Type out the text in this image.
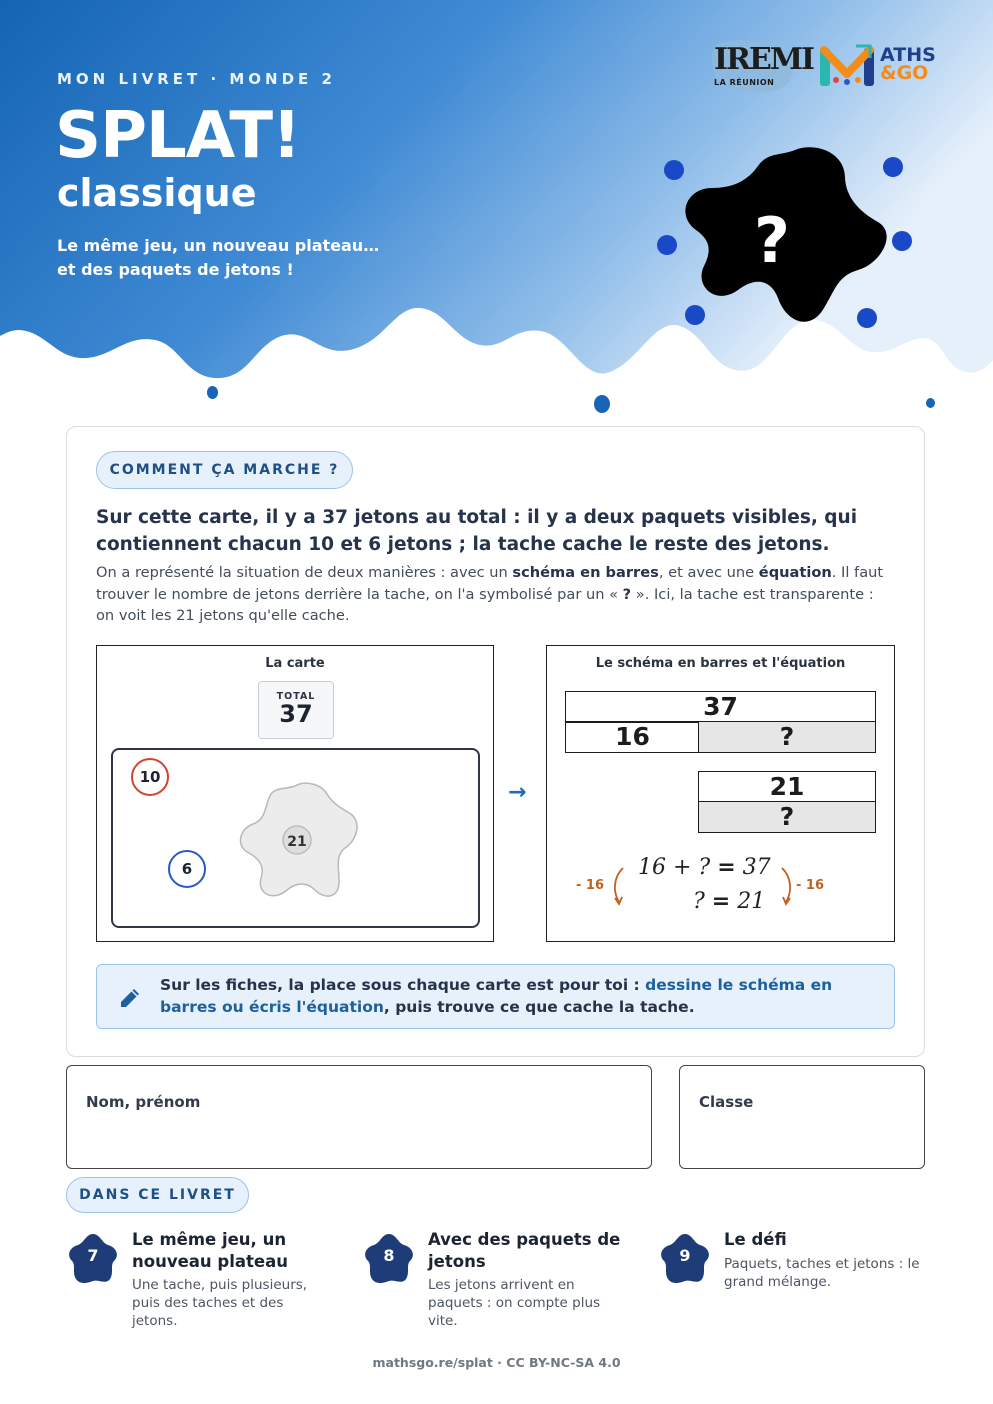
MON LIVRET · MONDE 2
SPLAT!
classique
Le même jeu, un nouveau plateau…
et des paquets de jetons !
IREMI
LA RÉUNION
ATHS
&GO
?
COMMENT ÇA MARCHE ?
Sur cette carte, il y a 37 jetons au total : il y a deux paquets visibles, qui contiennent chacun 10 et 6 jetons ; la tache cache le reste des jetons.
On a représenté la situation de deux manières : avec un schéma en barres, et avec une équation. Il faut trouver le nombre de jetons derrière la tache, on l'a symbolisé par un « ? ». Ici, la tache est transparente : on voit les 21 jetons qu'elle cache.
La carte
TOTAL
37
10
6
21
→
Le schéma en barres et l'équation
37
16	?
21
?
16 + ? = 37
? = 21
- 16	- 16
Sur les fiches, la place sous chaque carte est pour toi : dessine le schéma en barres ou écris l'équation, puis trouve ce que cache la tache.
Nom, prénom	Classe
DANS CE LIVRET
7
Le même jeu, un nouveau plateau
Une tache, puis plusieurs, puis des taches et des jetons.
8
Avec des paquets de jetons
Les jetons arrivent en paquets : on compte plus vite.
9
Le défi
Paquets, taches et jetons : le grand mélange.
mathsgo.re/splat · CC BY-NC-SA 4.0
